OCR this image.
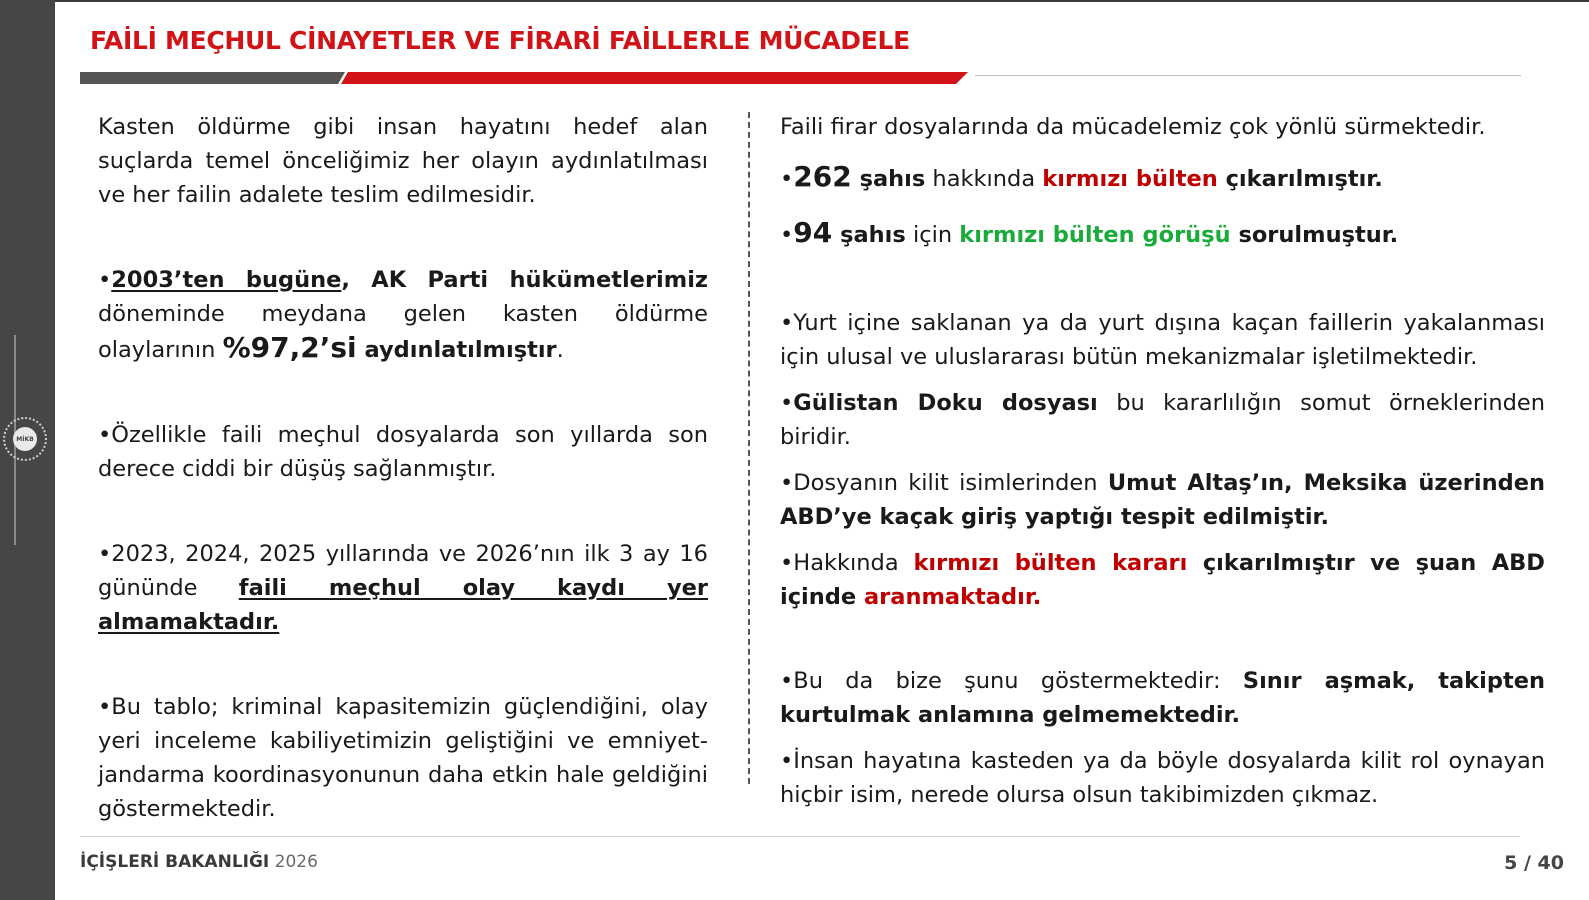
MİKB
FAİLİ MEÇHUL CİNAYETLER VE FİRARİ FAİLLERLE MÜCADELE

Kasten öldürme gibi insan hayatını hedef alan suçlarda temel önceliğimiz her olayın aydınlatılması ve her failin adalete teslim edilmesidir.

•2003’ten bugüne, AK Parti hükümetlerimiz döneminde meydana gelen kasten öldürme olaylarının %97,2’si aydınlatılmıştır.

•Özellikle faili meçhul dosyalarda son yıllarda son derece ciddi bir düşüş sağlanmıştır.

•2023, 2024, 2025 yıllarında ve 2026’nın ilk 3 ay 16 gününde faili meçhul olay kaydı yer almamaktadır.

•Bu tablo; kriminal kapasitemizin güçlendiğini, olay yeri inceleme kabiliyetimizin geliştiğini ve emniyet-jandarma koordinasyonunun daha etkin hale geldiğini göstermektedir.

Faili firar dosyalarında da mücadelemiz çok yönlü sürmektedir.

•262 şahıs hakkında kırmızı bülten çıkarılmıştır.

•94 şahıs için kırmızı bülten görüşü sorulmuştur.

•Yurt içine saklanan ya da yurt dışına kaçan faillerin yakalanması için ulusal ve uluslararası bütün mekanizmalar işletilmektedir.

•Gülistan Doku dosyası bu kararlılığın somut örneklerinden biridir.

•Dosyanın kilit isimlerinden Umut Altaş’ın, Meksika üzerinden ABD’ye kaçak giriş yaptığı tespit edilmiştir.

•Hakkında kırmızı bülten kararı çıkarılmıştır ve şuan ABD içinde aranmaktadır.

•Bu da bize şunu göstermektedir: Sınır aşmak, takipten kurtulmak anlamına gelmemektedir.

•İnsan hayatına kasteden ya da böyle dosyalarda kilit rol oynayan hiçbir isim, nerede olursa olsun takibimizden çıkmaz.

İÇİŞLERİ BAKANLIĞI 2026	5 / 40
